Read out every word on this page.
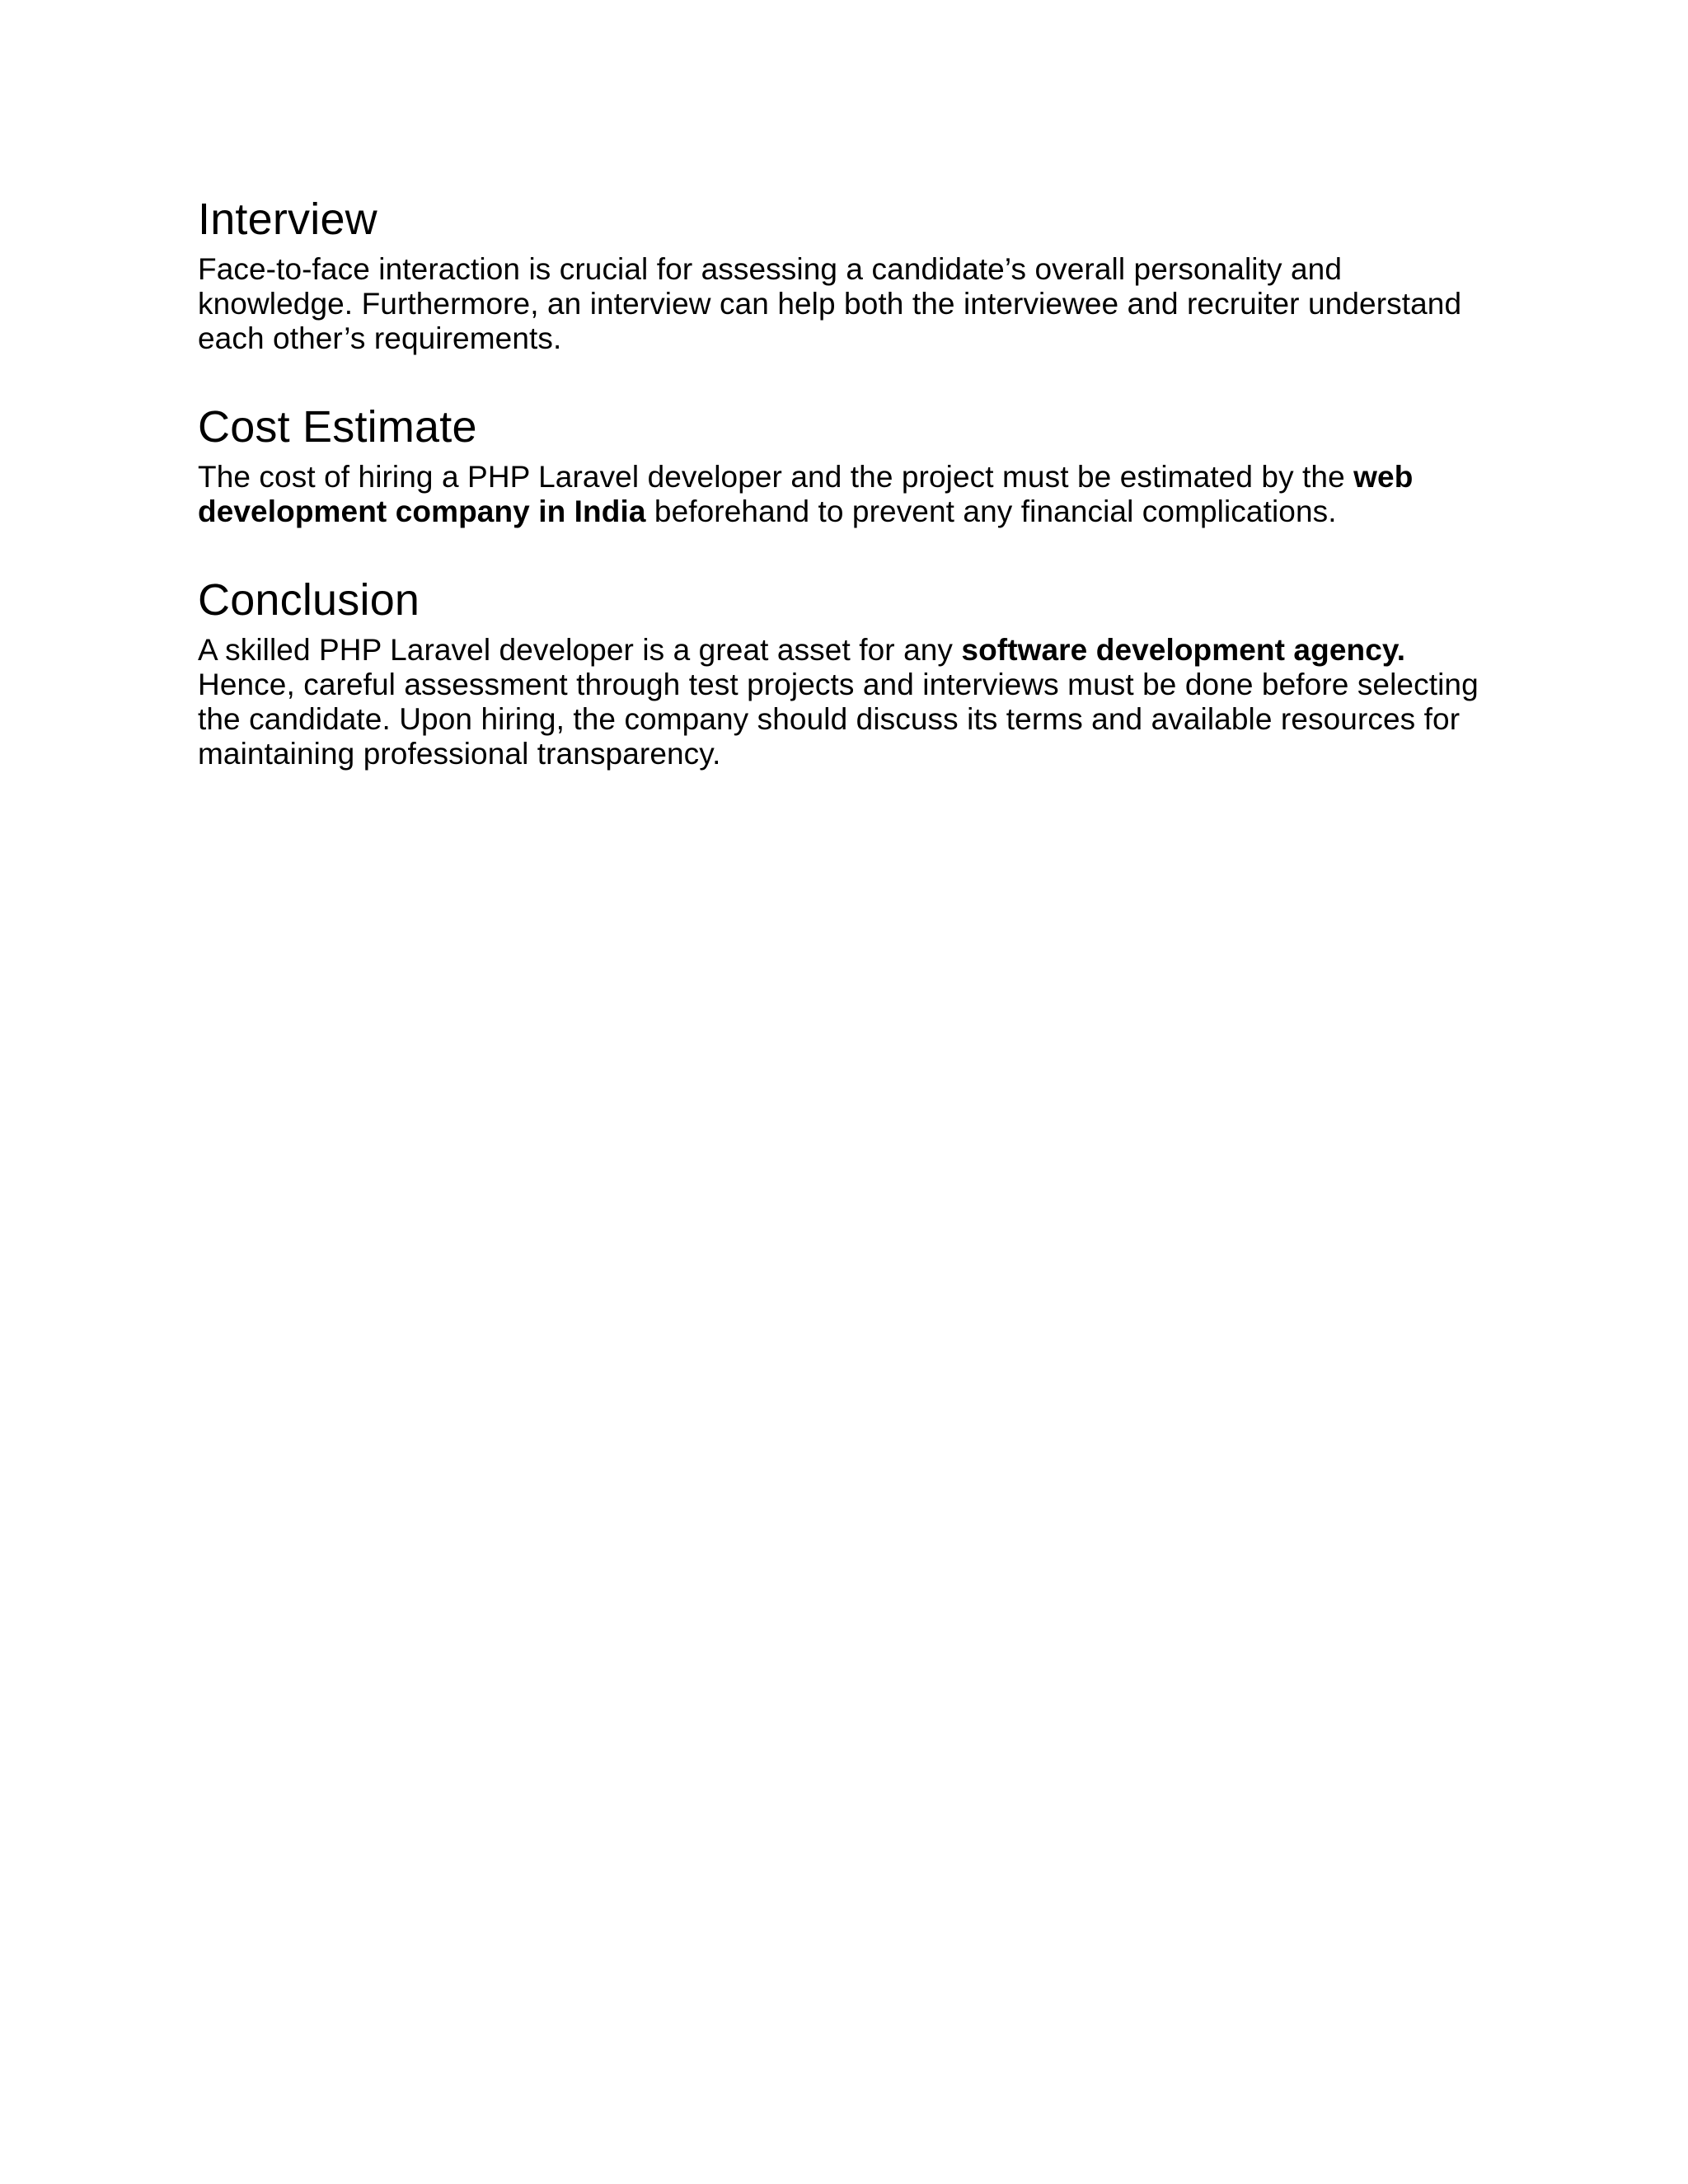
Interview

Face-to-face interaction is crucial for assessing a candidate’s overall personality and knowledge. Furthermore, an interview can help both the interviewee and recruiter understand each other’s requirements.

Cost Estimate

The cost of hiring a PHP Laravel developer and the project must be estimated by the web development company in India beforehand to prevent any financial complications.

Conclusion

A skilled PHP Laravel developer is a great asset for any software development agency. Hence, careful assessment through test projects and interviews must be done before selecting the candidate. Upon hiring, the company should discuss its terms and available resources for maintaining professional transparency.
